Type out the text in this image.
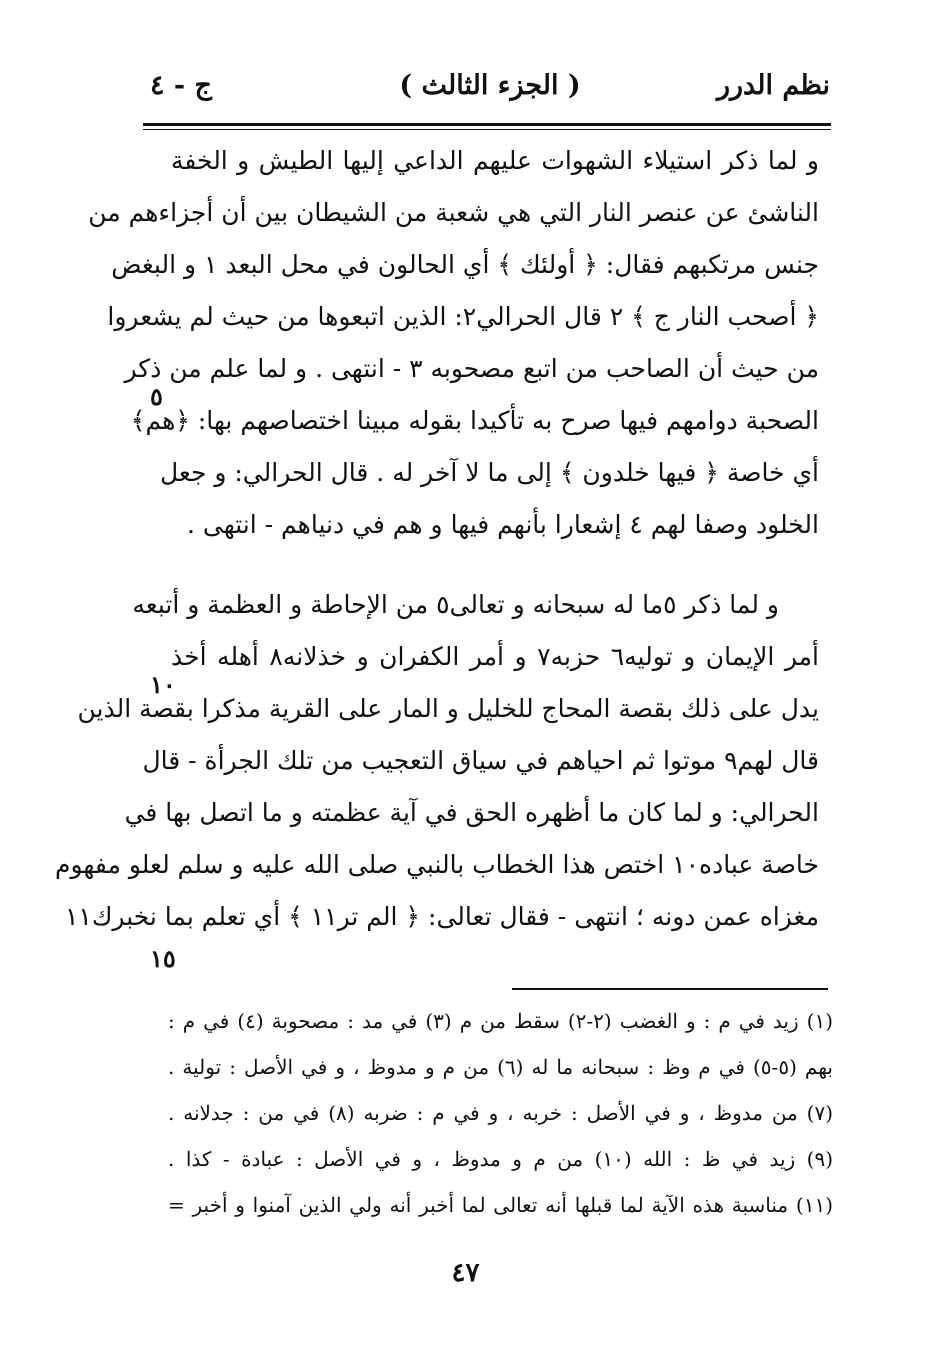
نظم الدرر
( الجزء الثالث )
ج - ٤
و لما ذكر استيلاء الشهوات عليهم الداعي إليها الطيش و الخفة
الناشئ عن عنصر النار التي هي شعبة من الشيطان بين أن أجزاءهم من
جنس مرتكبهم فقال: ﴿ أولئك ﴾ أي الحالون في محل البعد ۱ و البغض
﴿ أصحب النار ج ﴾ ۲ قال الحرالي۲: الذين اتبعوها من حيث لم يشعروا
من حيث أن الصاحب من اتبع مصحوبه ۳ - انتهى . و لما علم من ذكر
الصحبة دوامهم فيها صرح به تأكيدا بقوله مبينا اختصاصهم بها: ﴿هم﴾
أي خاصة ﴿ فيها خلدون ﴾ إلى ما لا آخر له . قال الحرالي: و جعل
الخلود وصفا لهم ٤ إشعارا بأنهم فيها و هم في دنياهم - انتهى .
و لما ذكر ٥ما له سبحانه و تعالى٥ من الإحاطة و العظمة و أتبعه
أمر الإيمان و توليه٦ حزبه٧ و أمر الكفران و خذلانه٨ أهله أخذ
يدل على ذلك بقصة المحاج للخليل و المار على القرية مذكرا بقصة الذين
قال لهم٩ موتوا ثم احياهم في سياق التعجيب من تلك الجرأة - قال
الحرالي: و لما كان ما أظهره الحق في آية عظمته و ما اتصل بها في
خاصة عباده١٠ اختص هذا الخطاب بالنبي صلى الله عليه و سلم لعلو مفهوم
مغزاه عمن دونه ؛ انتهى - فقال تعالى: ﴿ الم تر١١ ﴾ أي تعلم بما نخبرك١١
٥
١٠
١٥
(١) زيد في م : و الغضب (٢-٢) سقط من م (٣) في مد : مصحوبة (٤) في م :
بهم (٥-٥) في م وظ : سبحانه ما له (٦) من م و مدوظ ، و في الأصل : تولية .
(٧) من مدوظ ، و في الأصل : خربه ، و في م : ضربه (٨) في من : جدلانه .
(٩) زيد في ظ : الله (١٠) من م و مدوظ ، و في الأصل : عبادة - كذا .
(١١) مناسبة هذه الآية لما قبلها أنه تعالى لما أخبر أنه ولي الذين آمنوا و أخبر =
٤٧
